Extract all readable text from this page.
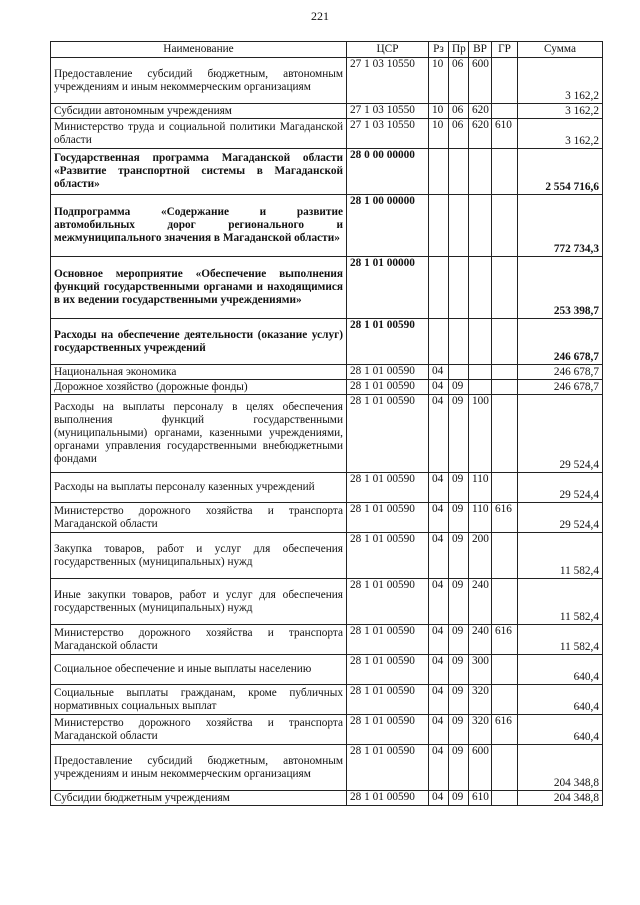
221
Наименование	ЦСР	Рз	Пр	ВР	ГР	Сумма
Предоставление субсидий бюджетным, автономным учреждениям и иным некоммерческим организациям	27 1 03 10550	10	06	600		3 162,2
Субсидии автономным учреждениям	27 1 03 10550	10	06	620		3 162,2
Министерство труда и социальной политики Магаданской области	27 1 03 10550	10	06	620	610	3 162,2
Государственная программа Магаданской области «Развитие транспортной системы в Магаданской области»	28 0 00 00000					2 554 716,6
Подпрограмма «Содержание и развитие автомобильных дорог регионального и межмуниципального значения в Магаданской области»	28 1 00 00000					772 734,3
Основное мероприятие «Обеспечение выполнения функций государственными органами и находящимися в их ведении государственными учреждениями»	28 1 01 00000					253 398,7
Расходы на обеспечение деятельности (оказание услуг) государственных учреждений	28 1 01 00590					246 678,7
Национальная экономика	28 1 01 00590	04				246 678,7
Дорожное хозяйство (дорожные фонды)	28 1 01 00590	04	09			246 678,7
Расходы на выплаты персоналу в целях обеспечения выполнения функций государственными (муниципальными) органами, казенными учреждениями, органами управления государственными внебюджетными фондами	28 1 01 00590	04	09	100		29 524,4
Расходы на выплаты персоналу казенных учреждений	28 1 01 00590	04	09	110		29 524,4
Министерство дорожного хозяйства и транспорта Магаданской области	28 1 01 00590	04	09	110	616	29 524,4
Закупка товаров, работ и услуг для обеспечения государственных (муниципальных) нужд	28 1 01 00590	04	09	200		11 582,4
Иные закупки товаров, работ и услуг для обеспечения государственных (муниципальных) нужд	28 1 01 00590	04	09	240		11 582,4
Министерство дорожного хозяйства и транспорта Магаданской области	28 1 01 00590	04	09	240	616	11 582,4
Социальное обеспечение и иные выплаты населению	28 1 01 00590	04	09	300		640,4
Социальные выплаты гражданам, кроме публичных нормативных социальных выплат	28 1 01 00590	04	09	320		640,4
Министерство дорожного хозяйства и транспорта Магаданской области	28 1 01 00590	04	09	320	616	640,4
Предоставление субсидий бюджетным, автономным учреждениям и иным некоммерческим организациям	28 1 01 00590	04	09	600		204 348,8
Субсидии бюджетным учреждениям	28 1 01 00590	04	09	610		204 348,8
